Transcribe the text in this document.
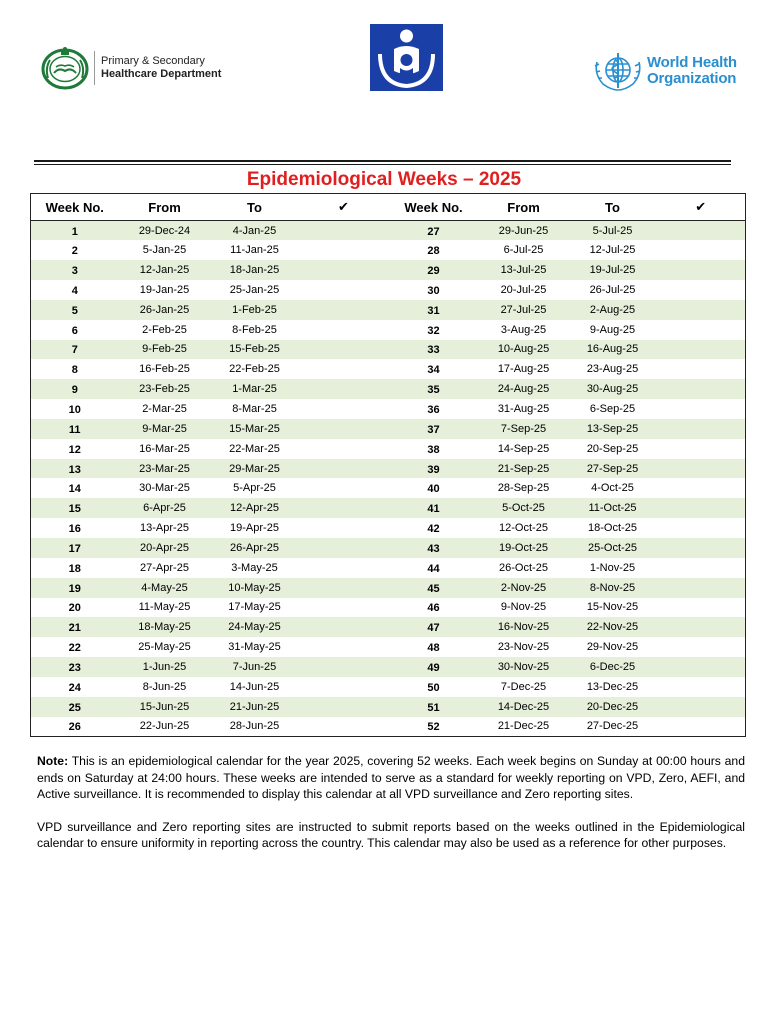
Primary & Secondary
Healthcare Department
World Health
Organization
Epidemiological Weeks – 2025
Week No.	From	To	✔	Week No.	From	To	✔
1	29-Dec-24	4-Jan-25		27	29-Jun-25	5-Jul-25	
2	5-Jan-25	11-Jan-25		28	6-Jul-25	12-Jul-25	
3	12-Jan-25	18-Jan-25		29	13-Jul-25	19-Jul-25	
4	19-Jan-25	25-Jan-25		30	20-Jul-25	26-Jul-25	
5	26-Jan-25	1-Feb-25		31	27-Jul-25	2-Aug-25	
6	2-Feb-25	8-Feb-25		32	3-Aug-25	9-Aug-25	
7	9-Feb-25	15-Feb-25		33	10-Aug-25	16-Aug-25	
8	16-Feb-25	22-Feb-25		34	17-Aug-25	23-Aug-25	
9	23-Feb-25	1-Mar-25		35	24-Aug-25	30-Aug-25	
10	2-Mar-25	8-Mar-25		36	31-Aug-25	6-Sep-25	
11	9-Mar-25	15-Mar-25		37	7-Sep-25	13-Sep-25	
12	16-Mar-25	22-Mar-25		38	14-Sep-25	20-Sep-25	
13	23-Mar-25	29-Mar-25		39	21-Sep-25	27-Sep-25	
14	30-Mar-25	5-Apr-25		40	28-Sep-25	4-Oct-25	
15	6-Apr-25	12-Apr-25		41	5-Oct-25	11-Oct-25	
16	13-Apr-25	19-Apr-25		42	12-Oct-25	18-Oct-25	
17	20-Apr-25	26-Apr-25		43	19-Oct-25	25-Oct-25	
18	27-Apr-25	3-May-25		44	26-Oct-25	1-Nov-25	
19	4-May-25	10-May-25		45	2-Nov-25	8-Nov-25	
20	11-May-25	17-May-25		46	9-Nov-25	15-Nov-25	
21	18-May-25	24-May-25		47	16-Nov-25	22-Nov-25	
22	25-May-25	31-May-25		48	23-Nov-25	29-Nov-25	
23	1-Jun-25	7-Jun-25		49	30-Nov-25	6-Dec-25	
24	8-Jun-25	14-Jun-25		50	7-Dec-25	13-Dec-25	
25	15-Jun-25	21-Jun-25		51	14-Dec-25	20-Dec-25	
26	22-Jun-25	28-Jun-25		52	21-Dec-25	27-Dec-25	

Note: This is an epidemiological calendar for the year 2025, covering 52 weeks. Each week begins on Sunday at 00:00 hours and ends on Saturday at 24:00 hours. These weeks are intended to serve as a standard for weekly reporting on VPD, Zero, AEFI, and Active surveillance. It is recommended to display this calendar at all VPD surveillance and Zero reporting sites.

VPD surveillance and Zero reporting sites are instructed to submit reports based on the weeks outlined in the Epidemiological calendar to ensure uniformity in reporting across the country. This calendar may also be used as a reference for other purposes.
